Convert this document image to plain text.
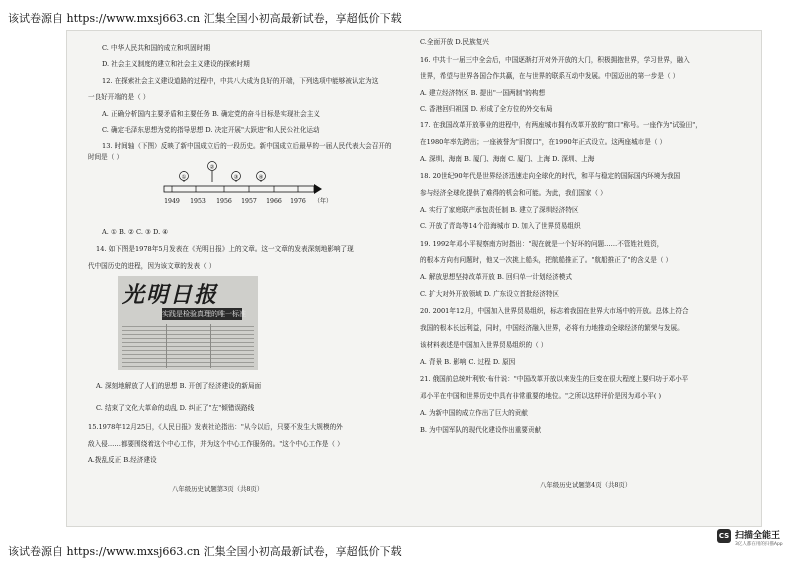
该试卷源自 https://www.mxsj663.cn 汇集全国小初高最新试卷，享超低价下载
C. 中华人民共和国的成立和巩固时期
D. 社会主义制度的建立和社会主义建设的探索时期
12. 在探索社会主义建设道路的过程中，中共八大成为良好的开端，下列选项中能够被认定为这
一良好开端的是（ ）
A. 正确分析国内主要矛盾和主要任务 B. 确定党的奋斗目标是实现社会主义
C. 确定毛泽东思想为党的指导思想 D. 决定开展"大跃进"和人民公社化运动
13. 时间轴（下图）反映了新中国成立后的一段历史。新中国成立后最早的一届人民代表大会召开的
时间是（ ）
②
①	③	④
1949 1953 1956 1957 1966 1976 （年）
A. ① B. ② C. ③ D. ④
14. 如下图是1978年5月发表在《光明日报》上的文章。这一文章的发表深刻地影响了现
代中国历史的进程，因为该文章的发表（ ）
光明日报
实践是检验真理的唯一标准
A. 深刻地解放了人们的思想 B. 开创了经济建设的新局面
C. 结束了文化大革命的动乱 D. 纠正了"左"倾错误路线
15.1978年12月25日，《人民日报》发表社论指出："从今以后，只要不发生大规模的外
敌入侵……都要围绕着这个中心工作，并为这个中心工作服务的。"这个中心工作是（ ）
A.拨乱反正 B.经济建设
八年级历史试题第3页（共8页）
C.全面开放 D.民族复兴
16. 中共十一届三中全会后，中国逐渐打开对外开放的大门，积极拥抱世界，学习世界，融入
世界，希望与世界各国合作共赢，在与世界的联系互动中发展。中国迈出的第一步是（ ）
A. 建立经济特区 B. 提出"一国两制"的构想
C. 香港回归祖国 D. 形成了全方位的外交布局
17. 在我国改革开放事业的进程中，有两座城市拥有改革开放的"窗口"称号。一座作为"试验田"，
在1980年率先跨出；一座被誉为"旧窗口"，在1990年正式设立。这两座城市是（ ）
A. 深圳、海南 B. 厦门、海南 C. 厦门、上海 D. 深圳、上海
18. 20世纪90年代是世界经济迅速走向全球化的时代，和平与稳定的国际国内环境为我国
参与经济全球化提供了难得的机会和可能。为此，我们国家（ ）
A. 实行了家庭联产承包责任制 B. 建立了深圳经济特区
C. 开放了青岛等14个沿海城市 D. 加入了世界贸易组织
19. 1992年邓小平视察南方时指出："现在就是一个好坏的问题……不管姓社姓资，
的根本方向有问题时，他又一次挑上船头，把航船推正了。"航船推正了"的含义是（ ）
A. 解放思想坚持改革开放 B. 回归单一计划经济模式
C. 扩大对外开放领域 D. 广东设立首批经济特区
20. 2001年12月，中国加入世界贸易组织，标志着我国在世界大市场中的开放。总体上符合
我国的根本长远利益，同时，中国经济融入世界，必将有力地推动全球经济的繁荣与发展。
该材料表述是中国加入世界贸易组织的（ ）
A. 背景 B. 影响 C. 过程 D. 原因
21. 俄国前总统叶利钦·布什说："中国改革开放以来发生的巨变在很大程度上要归功于邓小平
邓小平在中国和世界历史中具有非常重要的地位。"之所以这样评价是因为邓小平( )
A. 为新中国的成立作出了巨大的贡献
B. 为中国军队的现代化建设作出重要贡献
八年级历史试题第4页（共8页）
该试卷源自 https://www.mxsj663.cn 汇集全国小初高最新试卷，享超低价下载
CS 扫描全能王
3亿人都在用的扫描App
